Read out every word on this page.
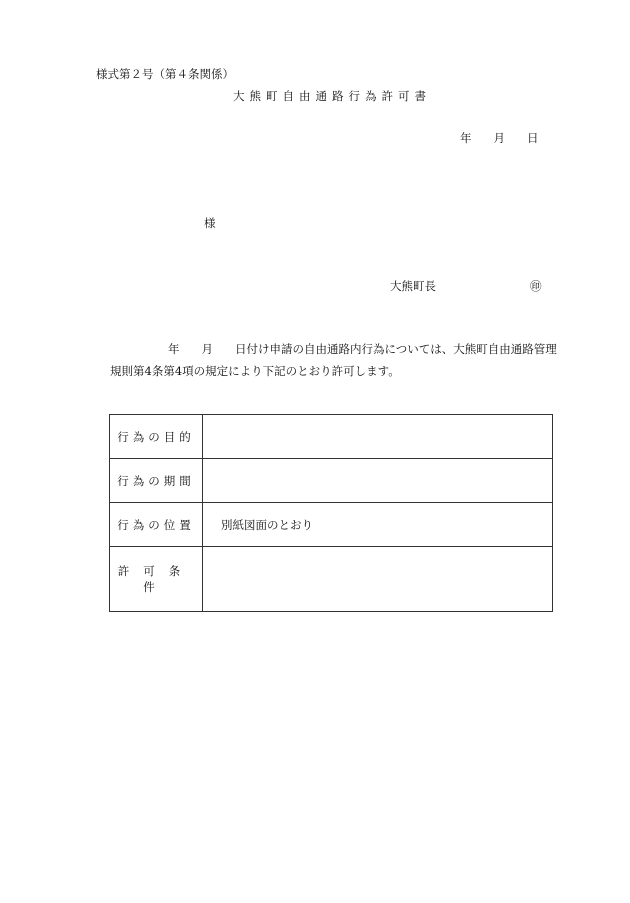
様式第２号（第４条関係）
大熊町自由通路行為許可書
年 月 日
様
大熊町長	㊞
年 月 日付け申請の自由通路内行為については、大熊町自由通路管理
規則第4条第4項の規定により下記のとおり許可します。
行為の目的	
行為の期間	
行為の位置	別紙図面のとおり
許可条件	
